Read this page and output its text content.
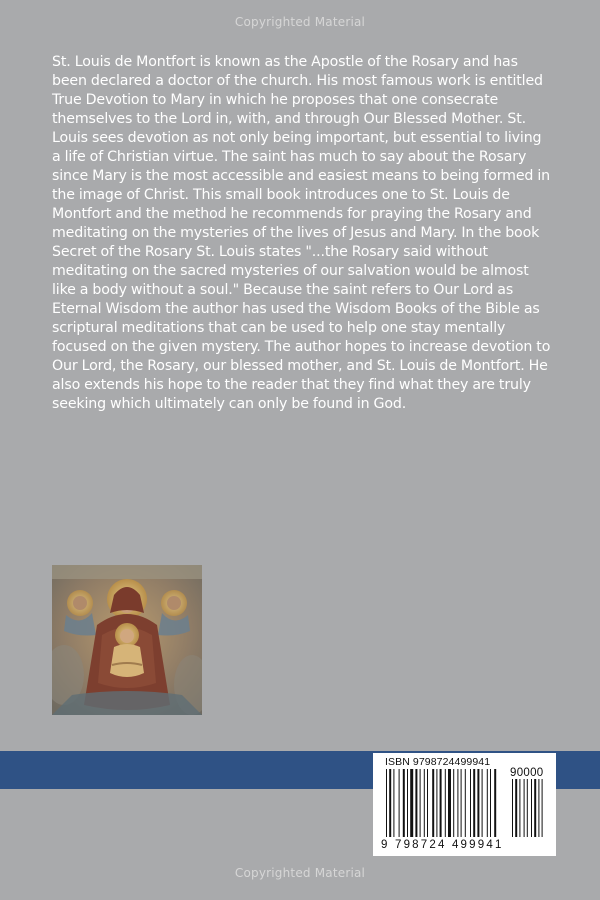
Copyrighted Material

St. Louis de Montfort is known as the Apostle of the Rosary and has been declared a doctor of the church. His most famous work is entitled True Devotion to Mary in which he proposes that one consecrate themselves to the Lord in, with, and through Our Blessed Mother. St. Louis sees devotion as not only being important, but essential to living a life of Christian virtue. The saint has much to say about the Rosary since Mary is the most accessible and easiest means to being formed in the image of Christ. This small book introduces one to St. Louis de Montfort and the method he recommends for praying the Rosary and meditating on the mysteries of the lives of Jesus and Mary. In the book Secret of the Rosary St. Louis states "...the Rosary said without meditating on the sacred mysteries of our salvation would be almost like a body without a soul." Because the saint refers to Our Lord as Eternal Wisdom the author has used the Wisdom Books of the Bible as scriptural meditations that can be used to help one stay mentally focused on the given mystery. The author hopes to increase devotion to Our Lord, the Rosary, our blessed mother, and St. Louis de Montfort. He also extends his hope to the reader that they find what they are truly seeking which ultimately can only be found in God.

ISBN 9798724499941
90000
9 798724 499941
Copyrighted Material
